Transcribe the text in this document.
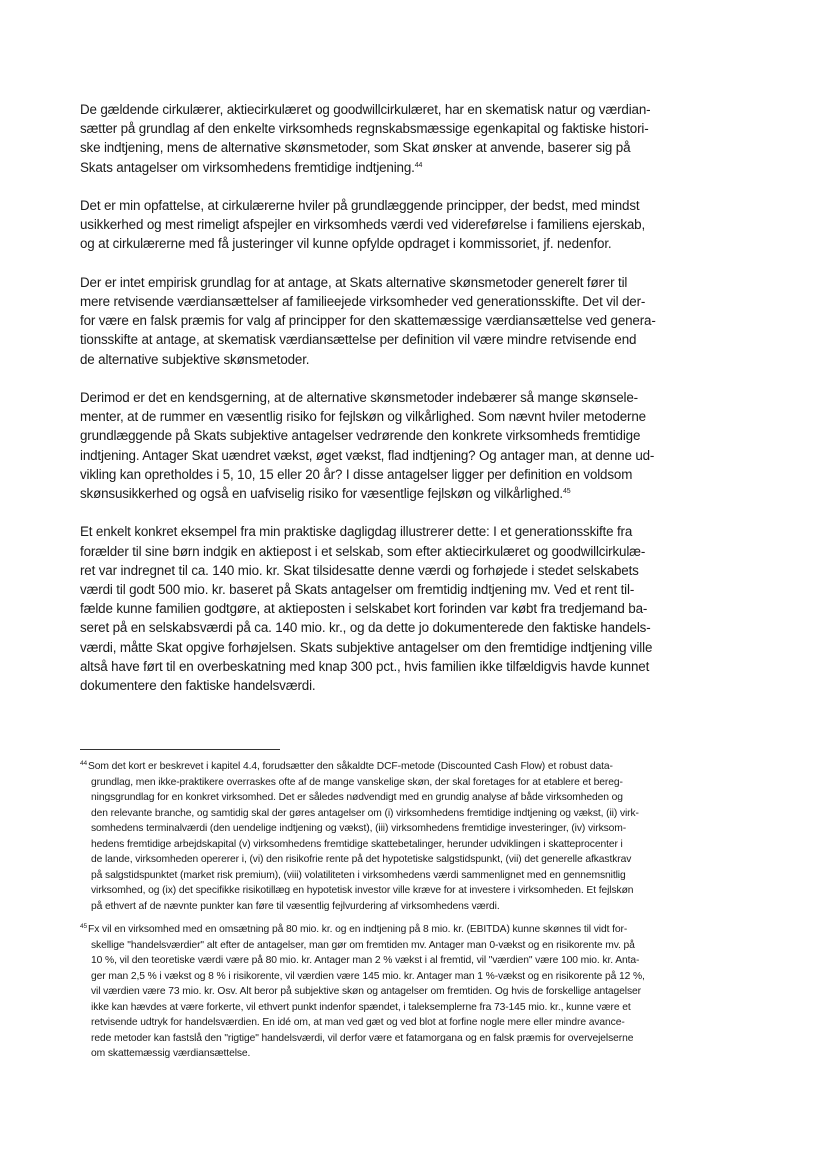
De gældende cirkulærer, aktiecirkulæret og goodwillcirkulæret, har en skematisk natur og værdian-
sætter på grundlag af den enkelte virksomheds regnskabsmæssige egenkapital og faktiske histori-
ske indtjening, mens de alternative skønsmetoder, som Skat ønsker at anvende, baserer sig på
Skats antagelser om virksomhedens fremtidige indtjening.$^{44}$

Det er min opfattelse, at cirkulærerne hviler på grundlæggende principper, der bedst, med mindst
usikkerhed og mest rimeligt afspejler en virksomheds værdi ved videreførelse i familiens ejerskab,
og at cirkulærerne med få justeringer vil kunne opfylde opdraget i kommissoriet, jf. nedenfor.

Der er intet empirisk grundlag for at antage, at Skats alternative skønsmetoder generelt fører til
mere retvisende værdiansættelser af familieejede virksomheder ved generationsskifte. Det vil der-
for være en falsk præmis for valg af principper for den skattemæssige værdiansættelse ved genera-
tionsskifte at antage, at skematisk værdiansættelse per definition vil være mindre retvisende end
de alternative subjektive skønsmetoder.

Derimod er det en kendsgerning, at de alternative skønsmetoder indebærer så mange skønsele-
menter, at de rummer en væsentlig risiko for fejlskøn og vilkårlighed. Som nævnt hviler metoderne
grundlæggende på Skats subjektive antagelser vedrørende den konkrete virksomheds fremtidige
indtjening. Antager Skat uændret vækst, øget vækst, flad indtjening? Og antager man, at denne ud-
vikling kan opretholdes i 5, 10, 15 eller 20 år? I disse antagelser ligger per definition en voldsom
skønsusikkerhed og også en uafviselig risiko for væsentlige fejlskøn og vilkårlighed.$^{45}$

Et enkelt konkret eksempel fra min praktiske dagligdag illustrerer dette: I et generationsskifte fra
forælder til sine børn indgik en aktiepost i et selskab, som efter aktiecirkulæret og goodwillcirkulæ-
ret var indregnet til ca. 140 mio. kr. Skat tilsidesatte denne værdi og forhøjede i stedet selskabets
værdi til godt 500 mio. kr. baseret på Skats antagelser om fremtidig indtjening mv. Ved et rent til-
fælde kunne familien godtgøre, at aktieposten i selskabet kort forinden var købt fra tredjemand ba-
seret på en selskabsværdi på ca. 140 mio. kr., og da dette jo dokumenterede den faktiske handels-
værdi, måtte Skat opgive forhøjelsen. Skats subjektive antagelser om den fremtidige indtjening ville
altså have ført til en overbeskatning med knap 300 pct., hvis familien ikke tilfældigvis havde kunnet
dokumentere den faktiske handelsværdi.

$^{44}$Som det kort er beskrevet i kapitel 4.4, forudsætter den såkaldte DCF-metode (Discounted Cash Flow) et robust data-
grundlag, men ikke-praktikere overraskes ofte af de mange vanskelige skøn, der skal foretages for at etablere et bereg-
ningsgrundlag for en konkret virksomhed. Det er således nødvendigt med en grundig analyse af både virksomheden og
den relevante branche, og samtidig skal der gøres antagelser om (i) virksomhedens fremtidige indtjening og vækst, (ii) virk-
somhedens terminalværdi (den uendelige indtjening og vækst), (iii) virksomhedens fremtidige investeringer, (iv) virksom-
hedens fremtidige arbejdskapital (v) virksomhedens fremtidige skattebetalinger, herunder udviklingen i skatteprocenter i
de lande, virksomheden opererer i, (vi) den risikofrie rente på det hypotetiske salgstidspunkt, (vii) det generelle afkastkrav
på salgstidspunktet (market risk premium), (viii) volatiliteten i virksomhedens værdi sammenlignet med en gennemsnitlig
virksomhed, og (ix) det specifikke risikotillæg en hypotetisk investor ville kræve for at investere i virksomheden. Et fejlskøn
på ethvert af de nævnte punkter kan føre til væsentlig fejlvurdering af virksomhedens værdi.
$^{45}$Fx vil en virksomhed med en omsætning på 80 mio. kr. og en indtjening på 8 mio. kr. (EBITDA) kunne skønnes til vidt for-
skellige "handelsværdier" alt efter de antagelser, man gør om fremtiden mv. Antager man 0-vækst og en risikorente mv. på
10 %, vil den teoretiske værdi være på 80 mio. kr. Antager man 2 % vækst i al fremtid, vil "værdien" være 100 mio. kr. Anta-
ger man 2,5 % i vækst og 8 % i risikorente, vil værdien være 145 mio. kr. Antager man 1 %-vækst og en risikorente på 12 %,
vil værdien være 73 mio. kr. Osv. Alt beror på subjektive skøn og antagelser om fremtiden. Og hvis de forskellige antagelser
ikke kan hævdes at være forkerte, vil ethvert punkt indenfor spændet, i taleksemplerne fra 73-145 mio. kr., kunne være et
retvisende udtryk for handelsværdien. En idé om, at man ved gæt og ved blot at forfine nogle mere eller mindre avance-
rede metoder kan fastslå den "rigtige" handelsværdi, vil derfor være et fatamorgana og en falsk præmis for overvejelserne
om skattemæssig værdiansættelse.
